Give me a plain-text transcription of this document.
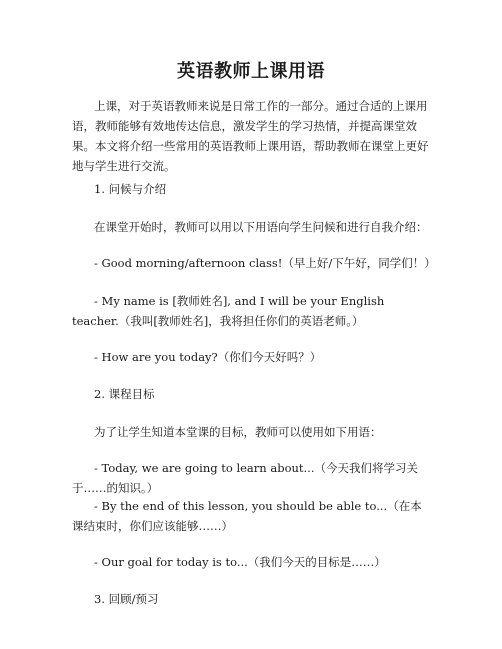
英语教师上课用语
上课，对于英语教师来说是日常工作的一部分。通过合适的上课用语，教师能够有效地传达信息，激发学生的学习热情，并提高课堂效果。本文将介绍一些常用的英语教师上课用语，帮助教师在课堂上更好地与学生进行交流。
1. 问候与介绍
在课堂开始时，教师可以用以下用语向学生问候和进行自我介绍：
- Good morning/afternoon class!（早上好/下午好，同学们！）
- My name is [教师姓名], and I will be your English teacher.（我叫[教师姓名]，我将担任你们的英语老师。）
- How are you today?（你们今天好吗？）
2. 课程目标
为了让学生知道本堂课的目标，教师可以使用如下用语：
- Today, we are going to learn about...（今天我们将学习关于……的知识。）
- By the end of this lesson, you should be able to...（在本课结束时，你们应该能够……）
- Our goal for today is to...（我们今天的目标是……）
3. 回顾/预习
